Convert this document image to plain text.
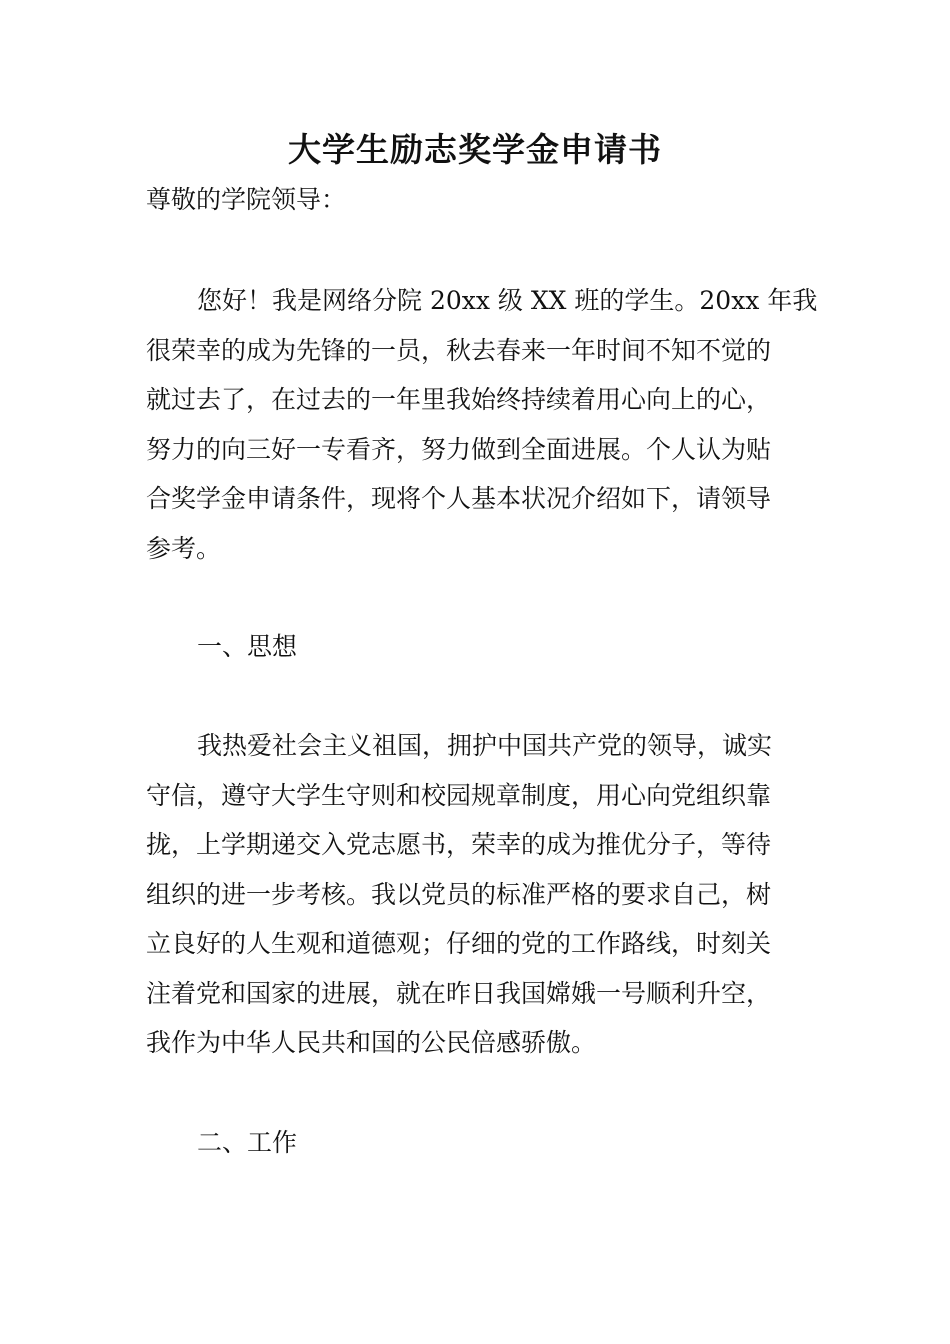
大学生励志奖学金申请书
尊敬的学院领导：
您好！我是网络分院 20xx 级 XX 班的学生。20xx 年我
很荣幸的成为先锋的一员，秋去春来一年时间不知不觉的
就过去了，在过去的一年里我始终持续着用心向上的心，
努力的向三好一专看齐，努力做到全面进展。个人认为贴
合奖学金申请条件，现将个人基本状况介绍如下，请领导
参考。
一、思想
我热爱社会主义祖国，拥护中国共产党的领导，诚实
守信，遵守大学生守则和校园规章制度，用心向党组织靠
拢，上学期递交入党志愿书，荣幸的成为推优分子，等待
组织的进一步考核。我以党员的标准严格的要求自己，树
立良好的人生观和道德观；仔细的党的工作路线，时刻关
注着党和国家的进展，就在昨日我国嫦娥一号顺利升空，
我作为中华人民共和国的公民倍感骄傲。
二、工作
